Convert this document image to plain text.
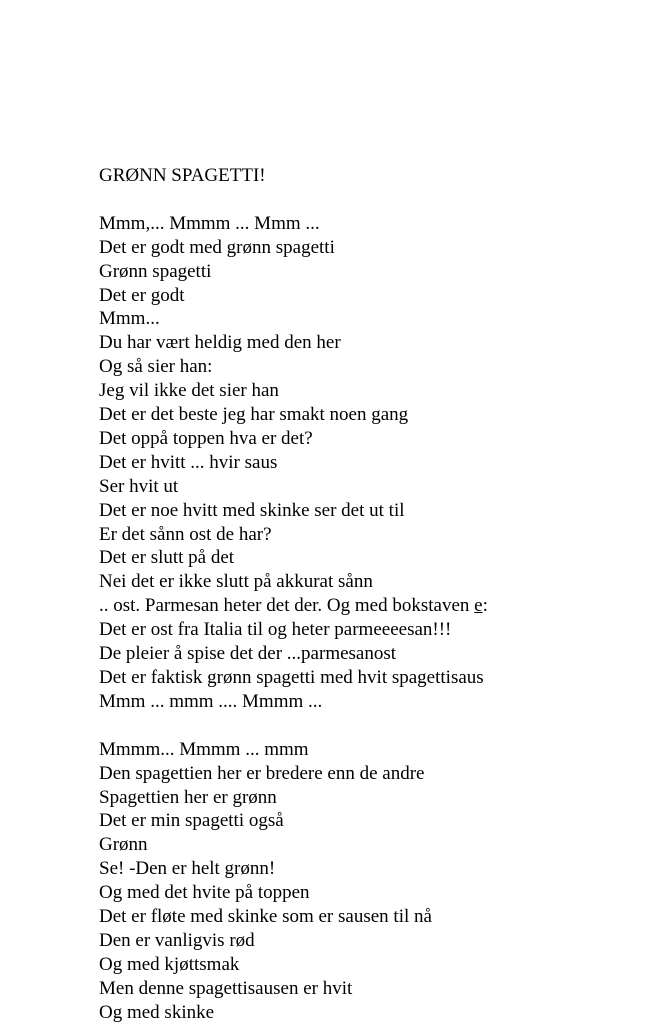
GRØNN SPAGETTI!
Mmm,... Mmmm ... Mmm ...
Det er godt med grønn spagetti
Grønn spagetti
Det er godt
Mmm...
Du har vært heldig med den her
Og så sier han:
Jeg vil ikke det sier han
Det er det beste jeg har smakt noen gang
Det oppå toppen hva er det?
Det er hvitt ... hvir saus
Ser hvit ut
Det er noe hvitt med skinke ser det ut til
Er det sånn ost de har?
Det er slutt på det
Nei det er ikke slutt på akkurat sånn
.. ost. Parmesan heter det der. Og med bokstaven e:
Det er ost fra Italia til og heter parmeeeesan!!!
De pleier å spise det der ...parmesanost
Det er faktisk grønn spagetti med hvit spagettisaus
Mmm ... mmm .... Mmmm ...
Mmmm... Mmmm ... mmm
Den spagettien her er bredere enn de andre
Spagettien her er grønn
Det er min spagetti også
Grønn
Se! -Den er helt grønn!
Og med det hvite på toppen
Det er fløte med skinke som er sausen til nå
Den er vanligvis rød
Og med kjøttsmak
Men denne spagettisausen er hvit
Og med skinke
